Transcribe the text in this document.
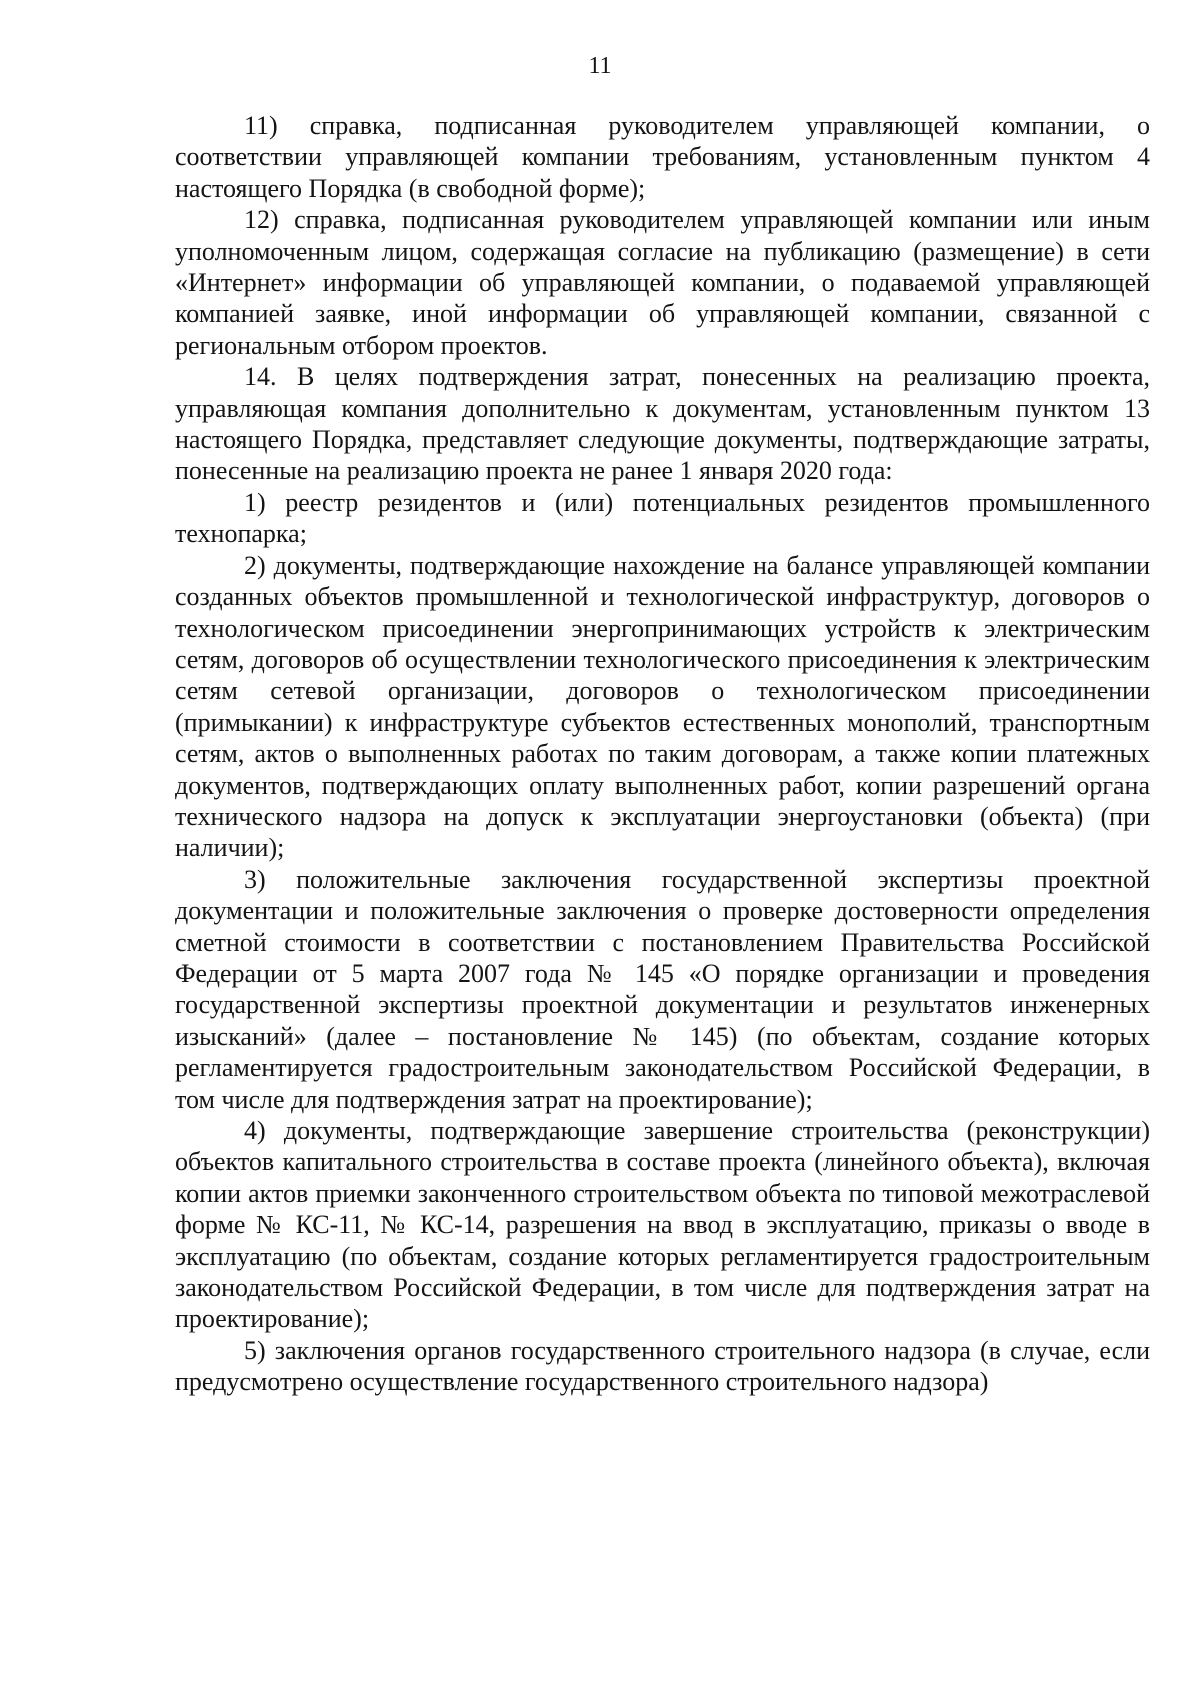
11

11) справка, подписанная руководителем управляющей компании, о соответствии управляющей компании требованиям, установленным пунктом 4 настоящего Порядка (в свободной форме);

12) справка, подписанная руководителем управляющей компании или иным уполномоченным лицом, содержащая согласие на публикацию (размещение) в сети «Интернет» информации об управляющей компании, о подаваемой управляющей компанией заявке, иной информации об управляющей компании, связанной с региональным отбором проектов.

14. В целях подтверждения затрат, понесенных на реализацию проекта, управляющая компания дополнительно к документам, установленным пунктом 13 настоящего Порядка, представляет следующие документы, подтверждающие затраты, понесенные на реализацию проекта не ранее 1 января 2020 года:

1) реестр резидентов и (или) потенциальных резидентов промышленного технопарка;

2) документы, подтверждающие нахождение на балансе управляющей компании созданных объектов промышленной и технологической инфраструктур, договоров о технологическом присоединении энергопринимающих устройств к электрическим сетям, договоров об осуществлении технологического присоединения к электрическим сетям сетевой организации, договоров о технологическом присоединении (примыкании) к инфраструктуре субъектов естественных монополий, транспортным сетям, актов о выполненных работах по таким договорам, а также копии платежных документов, подтверждающих оплату выполненных работ, копии разрешений органа технического надзора на допуск к эксплуатации энергоустановки (объекта) (при наличии);

3) положительные заключения государственной экспертизы проектной документации и положительные заключения о проверке достоверности определения сметной стоимости в соответствии с постановлением Правительства Российской Федерации от 5 марта 2007 года № 145 «О порядке организации и проведения государственной экспертизы проектной документации и результатов инженерных изысканий» (далее – постановление № 145) (по объектам, создание которых регламентируется градостроительным законодательством Российской Федерации, в том числе для подтверждения затрат на проектирование);

4) документы, подтверждающие завершение строительства (реконструкции) объектов капитального строительства в составе проекта (линейного объекта), включая копии актов приемки законченного строительством объекта по типовой межотраслевой форме № КС-11, № КС-14, разрешения на ввод в эксплуатацию, приказы о вводе в эксплуатацию (по объектам, создание которых регламентируется градостроительным законодательством Российской Федерации, в том числе для подтверждения затрат на проектирование);

5) заключения органов государственного строительного надзора (в случае, если предусмотрено осуществление государственного строительного надзора)
